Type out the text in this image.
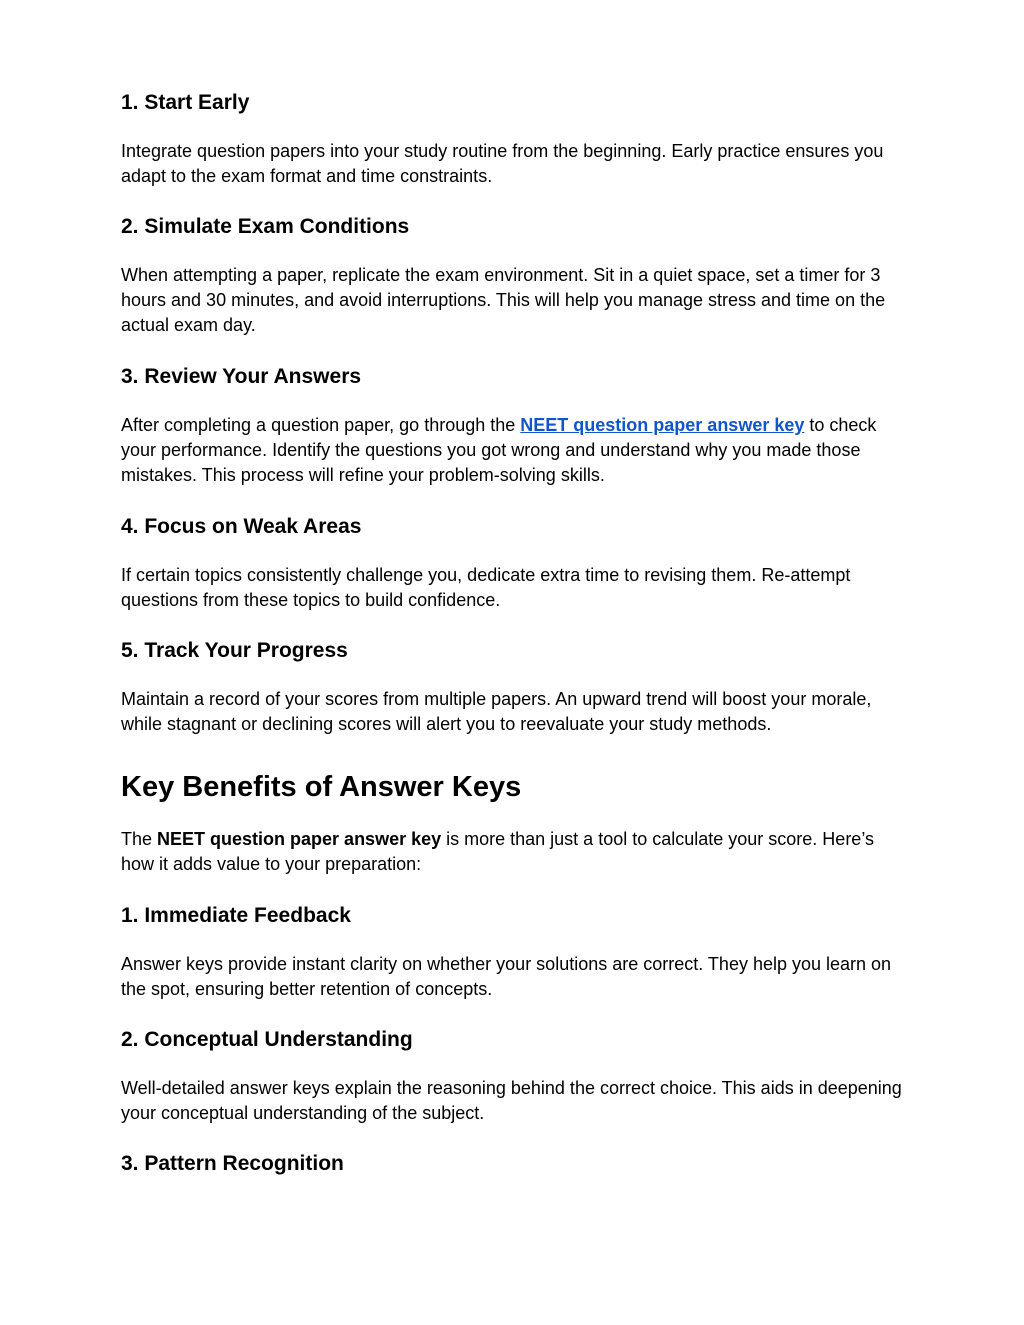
1. Start Early

Integrate question papers into your study routine from the beginning. Early practice ensures you adapt to the exam format and time constraints.

2. Simulate Exam Conditions

When attempting a paper, replicate the exam environment. Sit in a quiet space, set a timer for 3 hours and 30 minutes, and avoid interruptions. This will help you manage stress and time on the actual exam day.

3. Review Your Answers

After completing a question paper, go through the NEET question paper answer key to check your performance. Identify the questions you got wrong and understand why you made those mistakes. This process will refine your problem-solving skills.

4. Focus on Weak Areas

If certain topics consistently challenge you, dedicate extra time to revising them. Re-attempt questions from these topics to build confidence.

5. Track Your Progress

Maintain a record of your scores from multiple papers. An upward trend will boost your morale, while stagnant or declining scores will alert you to reevaluate your study methods.

Key Benefits of Answer Keys

The NEET question paper answer key is more than just a tool to calculate your score. Here’s how it adds value to your preparation:

1. Immediate Feedback

Answer keys provide instant clarity on whether your solutions are correct. They help you learn on the spot, ensuring better retention of concepts.

2. Conceptual Understanding

Well-detailed answer keys explain the reasoning behind the correct choice. This aids in deepening your conceptual understanding of the subject.

3. Pattern Recognition
